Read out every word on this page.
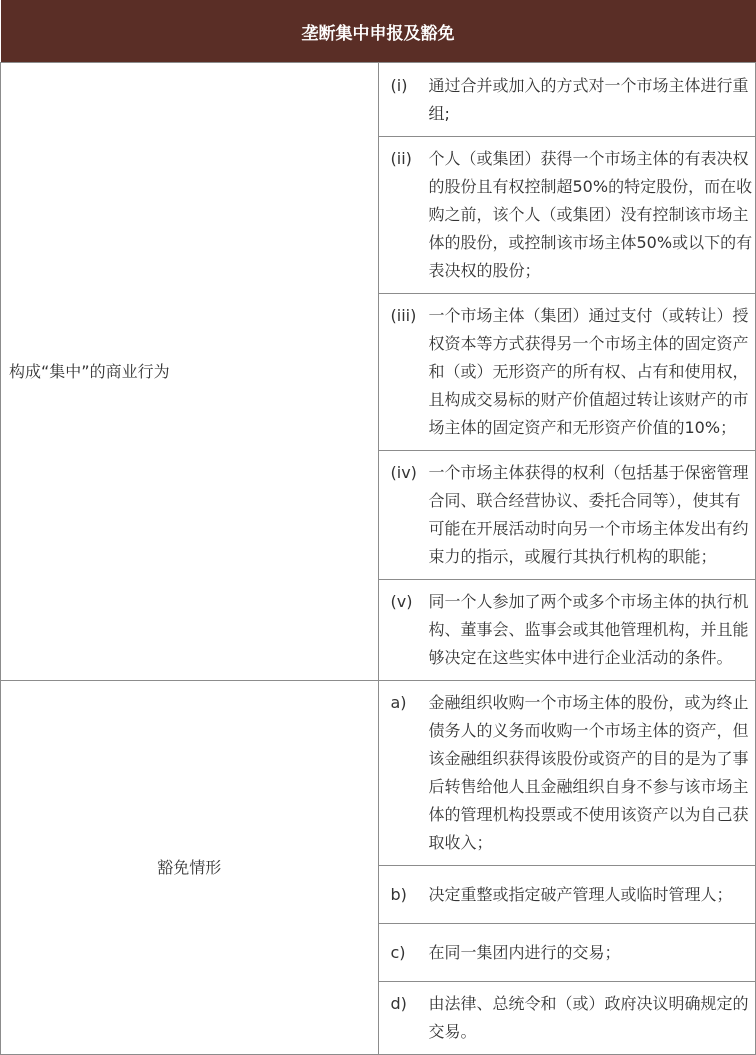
垄断集中申报及豁免	
构成“集中”的商业行为	(i) 通过合并或加入的方式对一个市场主体进行重组;

	(ii) 个人（或集团）获得一个市场主体的有表决权的股份且有权控制超50%的特定股份，而在收购之前，该个人（或集团）没有控制该市场主体的股份，或控制该市场主体50%或以下的有表决权的股份；

	(iii) 一个市场主体（集团）通过支付（或转让）授权资本等方式获得另一个市场主体的固定资产和（或）无形资产的所有权、占有和使用权，且构成交易标的财产价值超过转让该财产的市场主体的固定资产和无形资产价值的10%；

	(iv) 一个市场主体获得的权利（包括基于保密管理合同、联合经营协议、委托合同等），使其有可能在开展活动时向另一个市场主体发出有约束力的指示，或履行其执行机构的职能；

	(v) 同一个人参加了两个或多个市场主体的执行机构、董事会、监事会或其他管理机构，并且能够决定在这些实体中进行企业活动的条件。

豁免情形	a) 金融组织收购一个市场主体的股份，或为终止债务人的义务而收购一个市场主体的资产，但该金融组织获得该股份或资产的目的是为了事后转售给他人且金融组织自身不参与该市场主体的管理机构投票或不使用该资产以为自己获取收入；

	b) 决定重整或指定破产管理人或临时管理人；

	c) 在同一集团内进行的交易；

	d) 由法律、总统令和（或）政府决议明确规定的交易。
